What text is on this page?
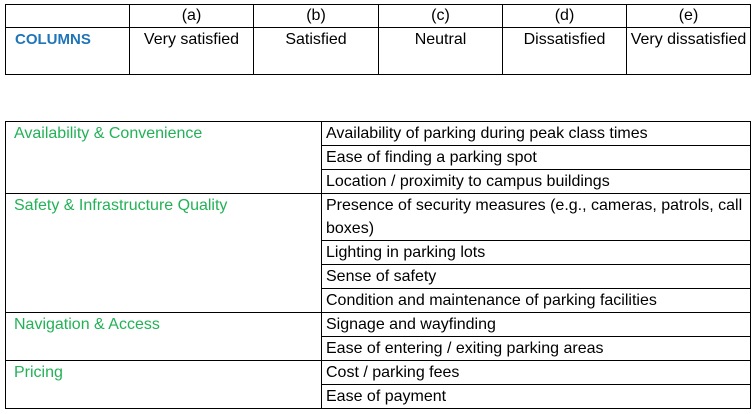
	(a)	(b)	(c)	(d)	(e)
COLUMNS	Very satisfied	Satisfied	Neutral	Dissatisfied	Very dissatisfied
Availability & Convenience	Availability of parking during peak class times
	Ease of finding a parking spot
	Location / proximity to campus buildings
Safety & Infrastructure Quality	Presence of security measures (e.g., cameras, patrols, call boxes)
	Lighting in parking lots
	Sense of safety
	Condition and maintenance of parking facilities
Navigation & Access	Signage and wayfinding
	Ease of entering / exiting parking areas
Pricing	Cost / parking fees
	Ease of payment
